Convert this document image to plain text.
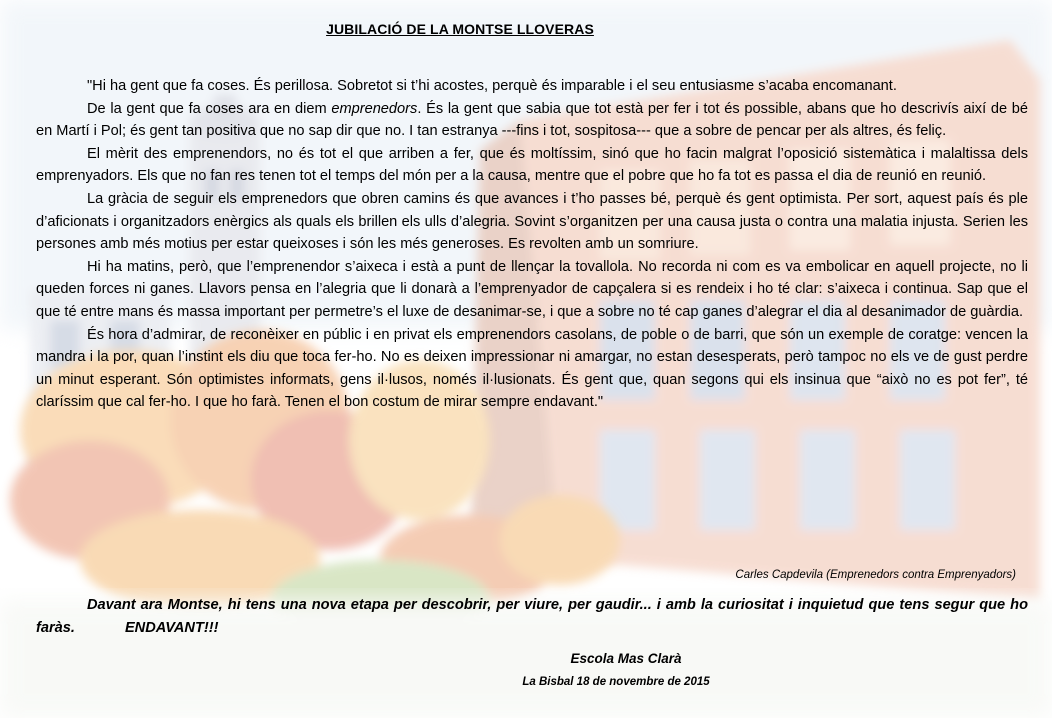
JUBILACIÓ DE LA MONTSE LLOVERAS

"Hi ha gent que fa coses. És perillosa. Sobretot si t’hi acostes, perquè és imparable i el seu entusiasme s’acaba encomanant.

De la gent que fa coses ara en diem emprenedors. És la gent que sabia que tot està per fer i tot és possible, abans que ho descrivís així de bé en Martí i Pol; és gent tan positiva que no sap dir que no. I tan estranya ---fins i tot, sospitosa--- que a sobre de pencar per als altres, és feliç.

El mèrit des emprenendors, no és tot el que arriben a fer, que és moltíssim, sinó que ho facin malgrat l’oposició sistemàtica i malaltissa dels emprenyadors. Els que no fan res tenen tot el temps del món per a la causa, mentre que el pobre que ho fa tot es passa el dia de reunió en reunió.

La gràcia de seguir els emprenedors que obren camins és que avances i t’ho passes bé, perquè és gent optimista. Per sort, aquest país és ple d’aficionats i organitzadors enèrgics als quals els brillen els ulls d’alegria. Sovint s’organitzen per una causa justa o contra una malatia injusta. Serien les persones amb més motius per estar queixoses i són les més generoses. Es revolten amb un somriure.

Hi ha matins, però, que l’emprenendor s’aixeca i està a punt de llençar la tovallola. No recorda ni com es va embolicar en aquell projecte, no li queden forces ni ganes. Llavors pensa en l’alegria que li donarà a l’emprenyador de capçalera si es rendeix i ho té clar: s’aixeca i continua. Sap que el que té entre mans és massa important per permetre’s el luxe de desanimar-se, i que a sobre no té cap ganes d’alegrar el dia al desanimador de guàrdia.

És hora d’admirar, de reconèixer en públic i en privat els emprenendors casolans, de poble o de barri, que són un exemple de coratge: vencen la mandra i la por, quan l’instint els diu que toca fer-ho. No es deixen impressionar ni amargar, no estan desesperats, però tampoc no els ve de gust perdre un minut esperant. Són optimistes informats, gens il·lusos, només il·lusionats. És gent que, quan segons qui els insinua que “això no es pot fer”, té claríssim que cal fer-ho. I que ho farà. Tenen el bon costum de mirar sempre endavant."

Carles Capdevila (Emprenedors contra Emprenyadors)
Davant ara Montse, hi tens una nova etapa per descobrir, per viure, per gaudir... i amb la curiositat i inquietud que tens segur que ho faràs.	ENDAVANT!!!
Escola Mas Clarà
La Bisbal 18 de novembre de 2015
